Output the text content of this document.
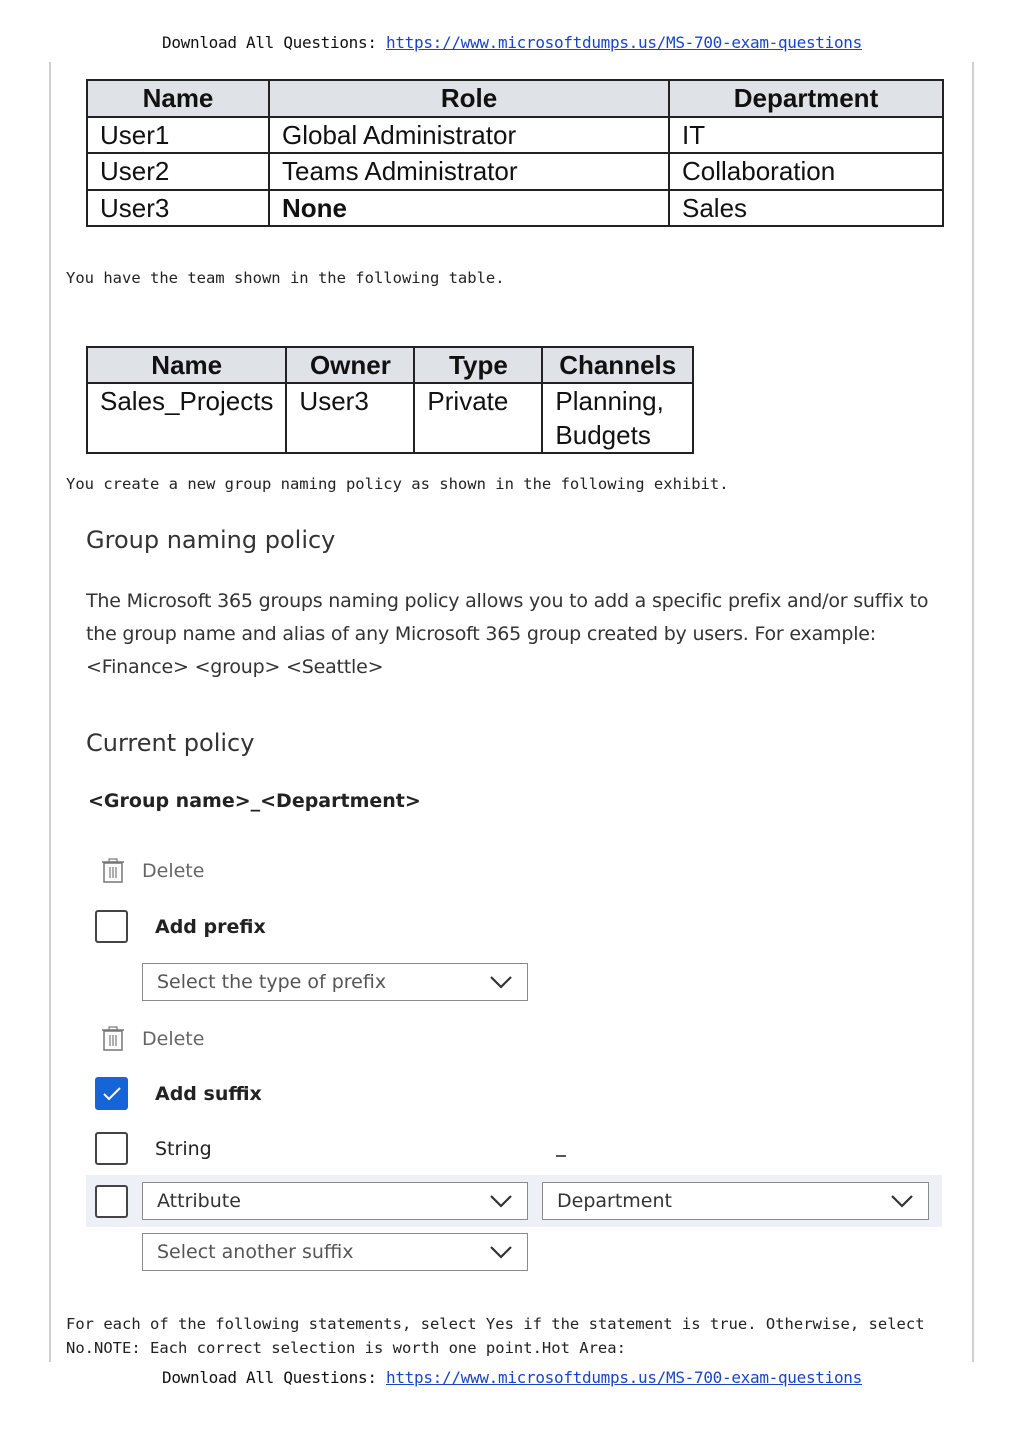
Download All Questions: https://www.microsoftdumps.us/MS-700-exam-questions
Name	Role	Department
User1	Global Administrator	IT
User2	Teams Administrator	Collaboration
User3	None	Sales
You have the team shown in the following table.
Name	Owner	Type	Channels
Sales_Projects	User3	Private	Planning,
Budgets
You create a new group naming policy as shown in the following exhibit.
Group naming policy
The Microsoft 365 groups naming policy allows you to add a specific prefix and/or suffix to the group name and alias of any Microsoft 365 group created by users. For example: <Finance> <group> <Seattle>
Current policy
<Group name>_<Department>
Delete
Add prefix
Select the type of prefix
Delete
Add suffix
String
Attribute	Department
Select another suffix
For each of the following statements, select Yes if the statement is true. Otherwise, select No.NOTE: Each correct selection is worth one point.Hot Area:
Download All Questions: https://www.microsoftdumps.us/MS-700-exam-questions
